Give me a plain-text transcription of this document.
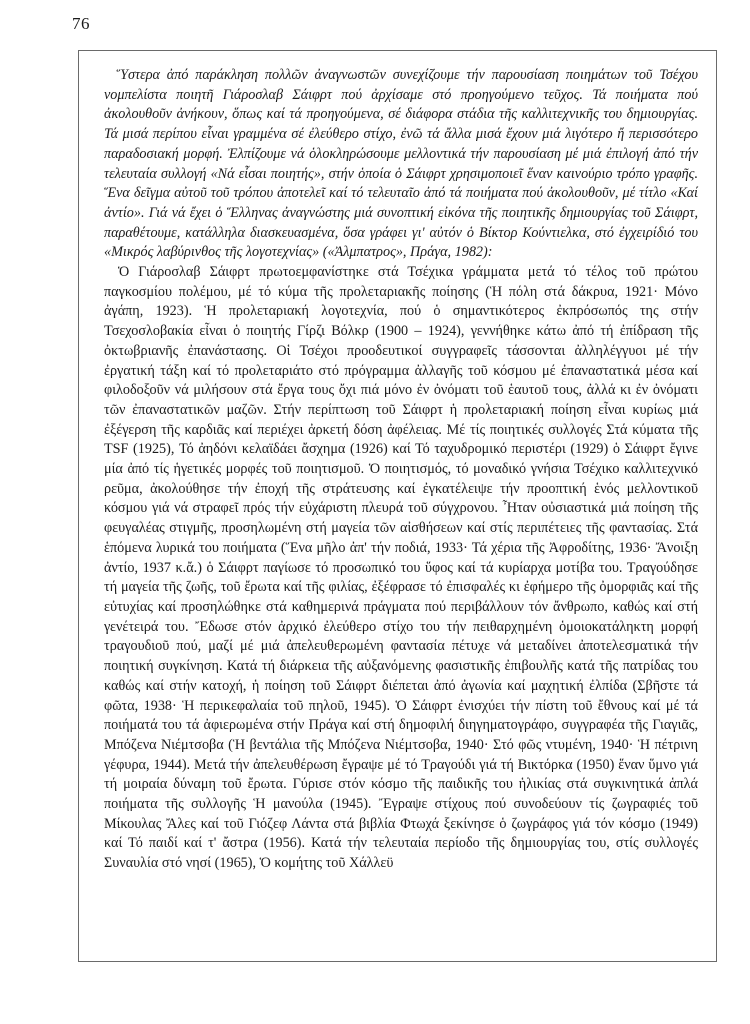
76

Ὕστερα ἀπό παράκληση πολλῶν ἀναγνωστῶν συνεχίζουμε τήν παρουσίαση ποιημάτων τοῦ Τσέχου νομπελίστα ποιητῆ Γιάροσλαβ Σάιφρτ πού ἀρχίσαμε στό προηγούμενο τεῦχος. Τά ποιήματα πού ἀκολουθοῦν ἀνήκουν, ὅπως καί τά προηγούμενα, σέ διάφορα στάδια τῆς καλλιτεχνικῆς του δημιουργίας. Τά μισά περίπου εἶναι γραμμένα σέ ἐλεύθερο στίχο, ἐνῶ τά ἄλλα μισά ἔχουν μιά λιγότερο ἤ περισσότερο παραδοσιακή μορφή. Ἐλπίζουμε νά ὁλοκληρώσουμε μελλοντικά τήν παρουσίαση μέ μιά ἐπιλογή ἀπό τήν τελευταία συλλογή «Νά εἶσαι ποιητής», στήν ὁποία ὁ Σάιφρτ χρησιμοποιεῖ ἕναν καινούριο τρόπο γραφῆς. Ἕνα δεῖγμα αὐτοῦ τοῦ τρόπου ἀποτελεῖ καί τό τελευταῖο ἀπό τά ποιήματα πού ἀκολουθοῦν, μέ τίτλο «Καί ἀντίο». Γιά νά ἔχει ὁ Ἕλληνας ἀναγνώστης μιά συνοπτική εἰκόνα τῆς ποιητικῆς δημιουργίας τοῦ Σάιφρτ, παραθέτουμε, κατάλληλα διασκευασμένα, ὅσα γράφει γι' αὐτόν ὁ Βίκτορ Κούντιελκα, στό ἐγχειρίδιό του «Μικρός λαβύρινθος τῆς λογοτεχνίας» («Ἀλμπατρος», Πράγα, 1982):

Ὁ Γιάροσλαβ Σάιφρτ πρωτοεμφανίστηκε στά Τσέχικα γράμματα μετά τό τέλος τοῦ πρώτου παγκοσμίου πολέμου, μέ τό κύμα τῆς προλεταριακῆς ποίησης (Ἡ πόλη στά δάκρυα, 1921· Μόνο ἀγάπη, 1923). Ἡ προλεταριακή λογοτεχνία, πού ὁ σημαντικότερος ἐκπρόσωπός της στήν Τσεχοσλοβακία εἶναι ὁ ποιητής Γίρζι Βόλκρ (1900 – 1924), γεννήθηκε κάτω ἀπό τή ἐπίδραση τῆς ὀκτωβριανῆς ἐπανάστασης. Οἱ Τσέχοι προοδευτικοί συγγραφεῖς τάσσονται ἀλληλέγγυοι μέ τήν ἐργατική τάξη καί τό προλεταριάτο στό πρόγραμμα ἀλλαγῆς τοῦ κόσμου μέ ἐπαναστατικά μέσα καί φιλοδοξοῦν νά μιλήσουν στά ἔργα τους ὄχι πιά μόνο ἐν ὀνόματι τοῦ ἑαυτοῦ τους, ἀλλά κι ἐν ὀνόματι τῶν ἐπαναστατικῶν μαζῶν. Στήν περίπτωση τοῦ Σάιφρτ ἡ προλεταριακή ποίηση εἶναι κυρίως μιά ἐξέγερση τῆς καρδιᾶς καί περιέχει ἀρκετή δόση ἀφέλειας. Μέ τίς ποιητικές συλλογές Στά κύματα τῆς TSF (1925), Τό ἀηδόνι κελαϊδάει ἄσχημα (1926) καί Τό ταχυδρομικό περιστέρι (1929) ὁ Σάιφρτ ἔγινε μία ἀπό τίς ἡγετικές μορφές τοῦ ποιητισμοῦ. Ὁ ποιητισμός, τό μοναδικό γνήσια Τσέχικο καλλιτεχνικό ρεῦμα, ἀκολούθησε τήν ἐποχή τῆς στράτευσης καί ἐγκατέλειψε τήν προοπτική ἑνός μελλοντικοῦ κόσμου γιά νά στραφεῖ πρός τήν εὐχάριστη πλευρά τοῦ σύγχρονου. Ἦταν οὐσιαστικά μιά ποίηση τῆς φευγαλέας στιγμῆς, προσηλωμένη στή μαγεία τῶν αἰσθήσεων καί στίς περιπέτειες τῆς φαντασίας. Στά ἑπόμενα λυρικά του ποιήματα (Ἕνα μῆλο ἀπ' τήν ποδιά, 1933· Τά χέρια τῆς Ἀφροδίτης, 1936· Ἄνοιξη ἀντίο, 1937 κ.ἄ.) ὁ Σάιφρτ παγίωσε τό προσωπικό του ὕφος καί τά κυρίαρχα μοτίβα του. Τραγούδησε τή μαγεία τῆς ζωῆς, τοῦ ἔρωτα καί τῆς φιλίας, ἐξέφρασε τό ἐπισφαλές κι ἐφήμερο τῆς ὀμορφιᾶς καί τῆς εὐτυχίας καί προσηλώθηκε στά καθημερινά πράγματα πού περιβάλλουν τόν ἄνθρωπο, καθώς καί στή γενέτειρά του. Ἔδωσε στόν ἀρχικό ἐλεύθερο στίχο του τήν πειθαρχημένη ὁμοιοκατάληκτη μορφή τραγουδιοῦ πού, μαζί μέ μιά ἀπελευθερωμένη φαντασία πέτυχε νά μεταδίνει ἀποτελεσματικά τήν ποιητική συγκίνηση. Κατά τή διάρκεια τῆς αὐξανόμενης φασιστικῆς ἐπιβουλῆς κατά τῆς πατρίδας του καθώς καί στήν κατοχή, ἡ ποίηση τοῦ Σάιφρτ διέπεται ἀπό ἀγωνία καί μαχητική ἐλπίδα (Σβῆστε τά φῶτα, 1938· Ἡ περικεφαλαία τοῦ πηλοῦ, 1945). Ὁ Σάιφρτ ἐνισχύει τήν πίστη τοῦ ἔθνους καί μέ τά ποιήματά του τά ἀφιερωμένα στήν Πράγα καί στή δημοφιλή διηγηματογράφο, συγγραφέα τῆς Γιαγιᾶς, Μπόζενα Νιέμτσοβα (Ἡ βεντάλια τῆς Μπόζενα Νιέμτσοβα, 1940· Στό φῶς ντυμένη, 1940· Ἡ πέτρινη γέφυρα, 1944). Μετά τήν ἀπελευθέρωση ἔγραψε μέ τό Τραγούδι γιά τή Βικτόρκα (1950) ἕναν ὕμνο γιά τή μοιραία δύναμη τοῦ ἔρωτα. Γύρισε στόν κόσμο τῆς παιδικῆς του ἡλικίας στά συγκινητικά ἁπλά ποιήματα τῆς συλλογῆς Ἡ μανούλα (1945). Ἔγραψε στίχους πού συνοδεύουν τίς ζωγραφιές τοῦ Μίκουλας Ἄλες καί τοῦ Γιόζεφ Λάντα στά βιβλία Φτωχά ξεκίνησε ὁ ζωγράφος γιά τόν κόσμο (1949) καί Τό παιδί καί τ' ἄστρα (1956). Κατά τήν τελευταία περίοδο τῆς δημιουργίας του, στίς συλλογές Συναυλία στό νησί (1965), Ὁ κομήτης τοῦ Χάλλεϋ
